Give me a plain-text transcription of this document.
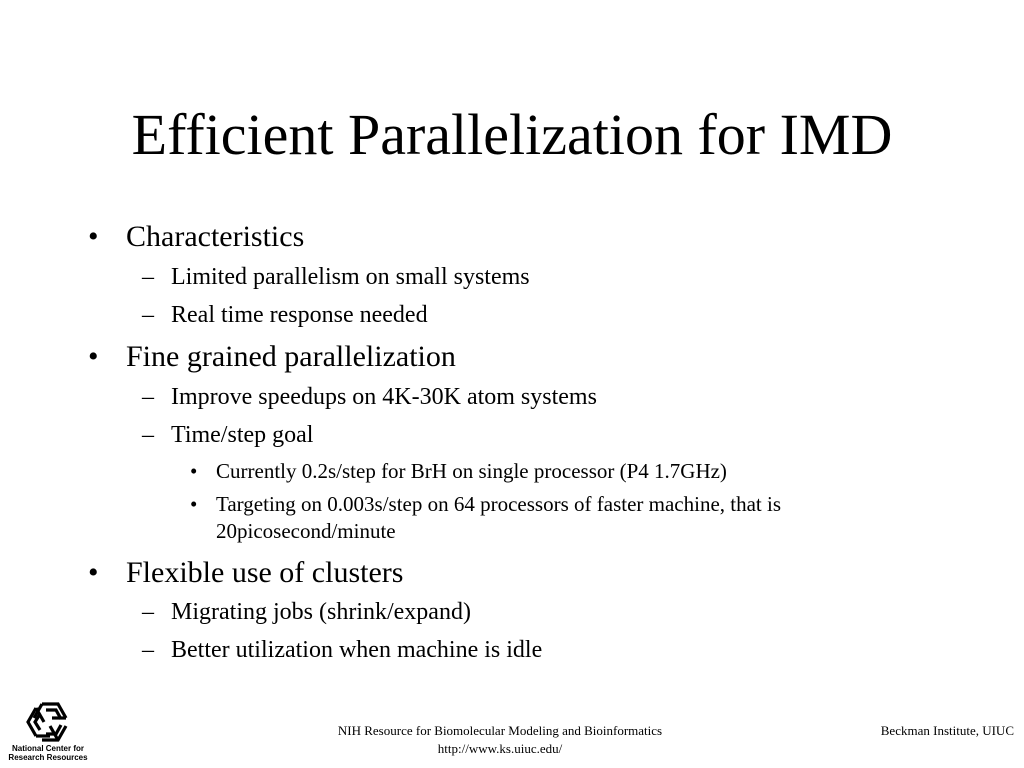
Efficient Parallelization for IMD
• Characteristics
– Limited parallelism on small systems
– Real time response needed
• Fine grained parallelization
– Improve speedups on 4K-30K atom systems
– Time/step goal
• Currently 0.2s/step for BrH on single processor (P4 1.7GHz)
• Targeting on 0.003s/step on 64 processors of faster machine, that is
20picosecond/minute
• Flexible use of clusters
– Migrating jobs (shrink/expand)
– Better utilization when machine is idle
National Center for
Research Resources
NIH Resource for Biomolecular Modeling and Bioinformatics
http://www.ks.uiuc.edu/
Beckman Institute, UIUC
